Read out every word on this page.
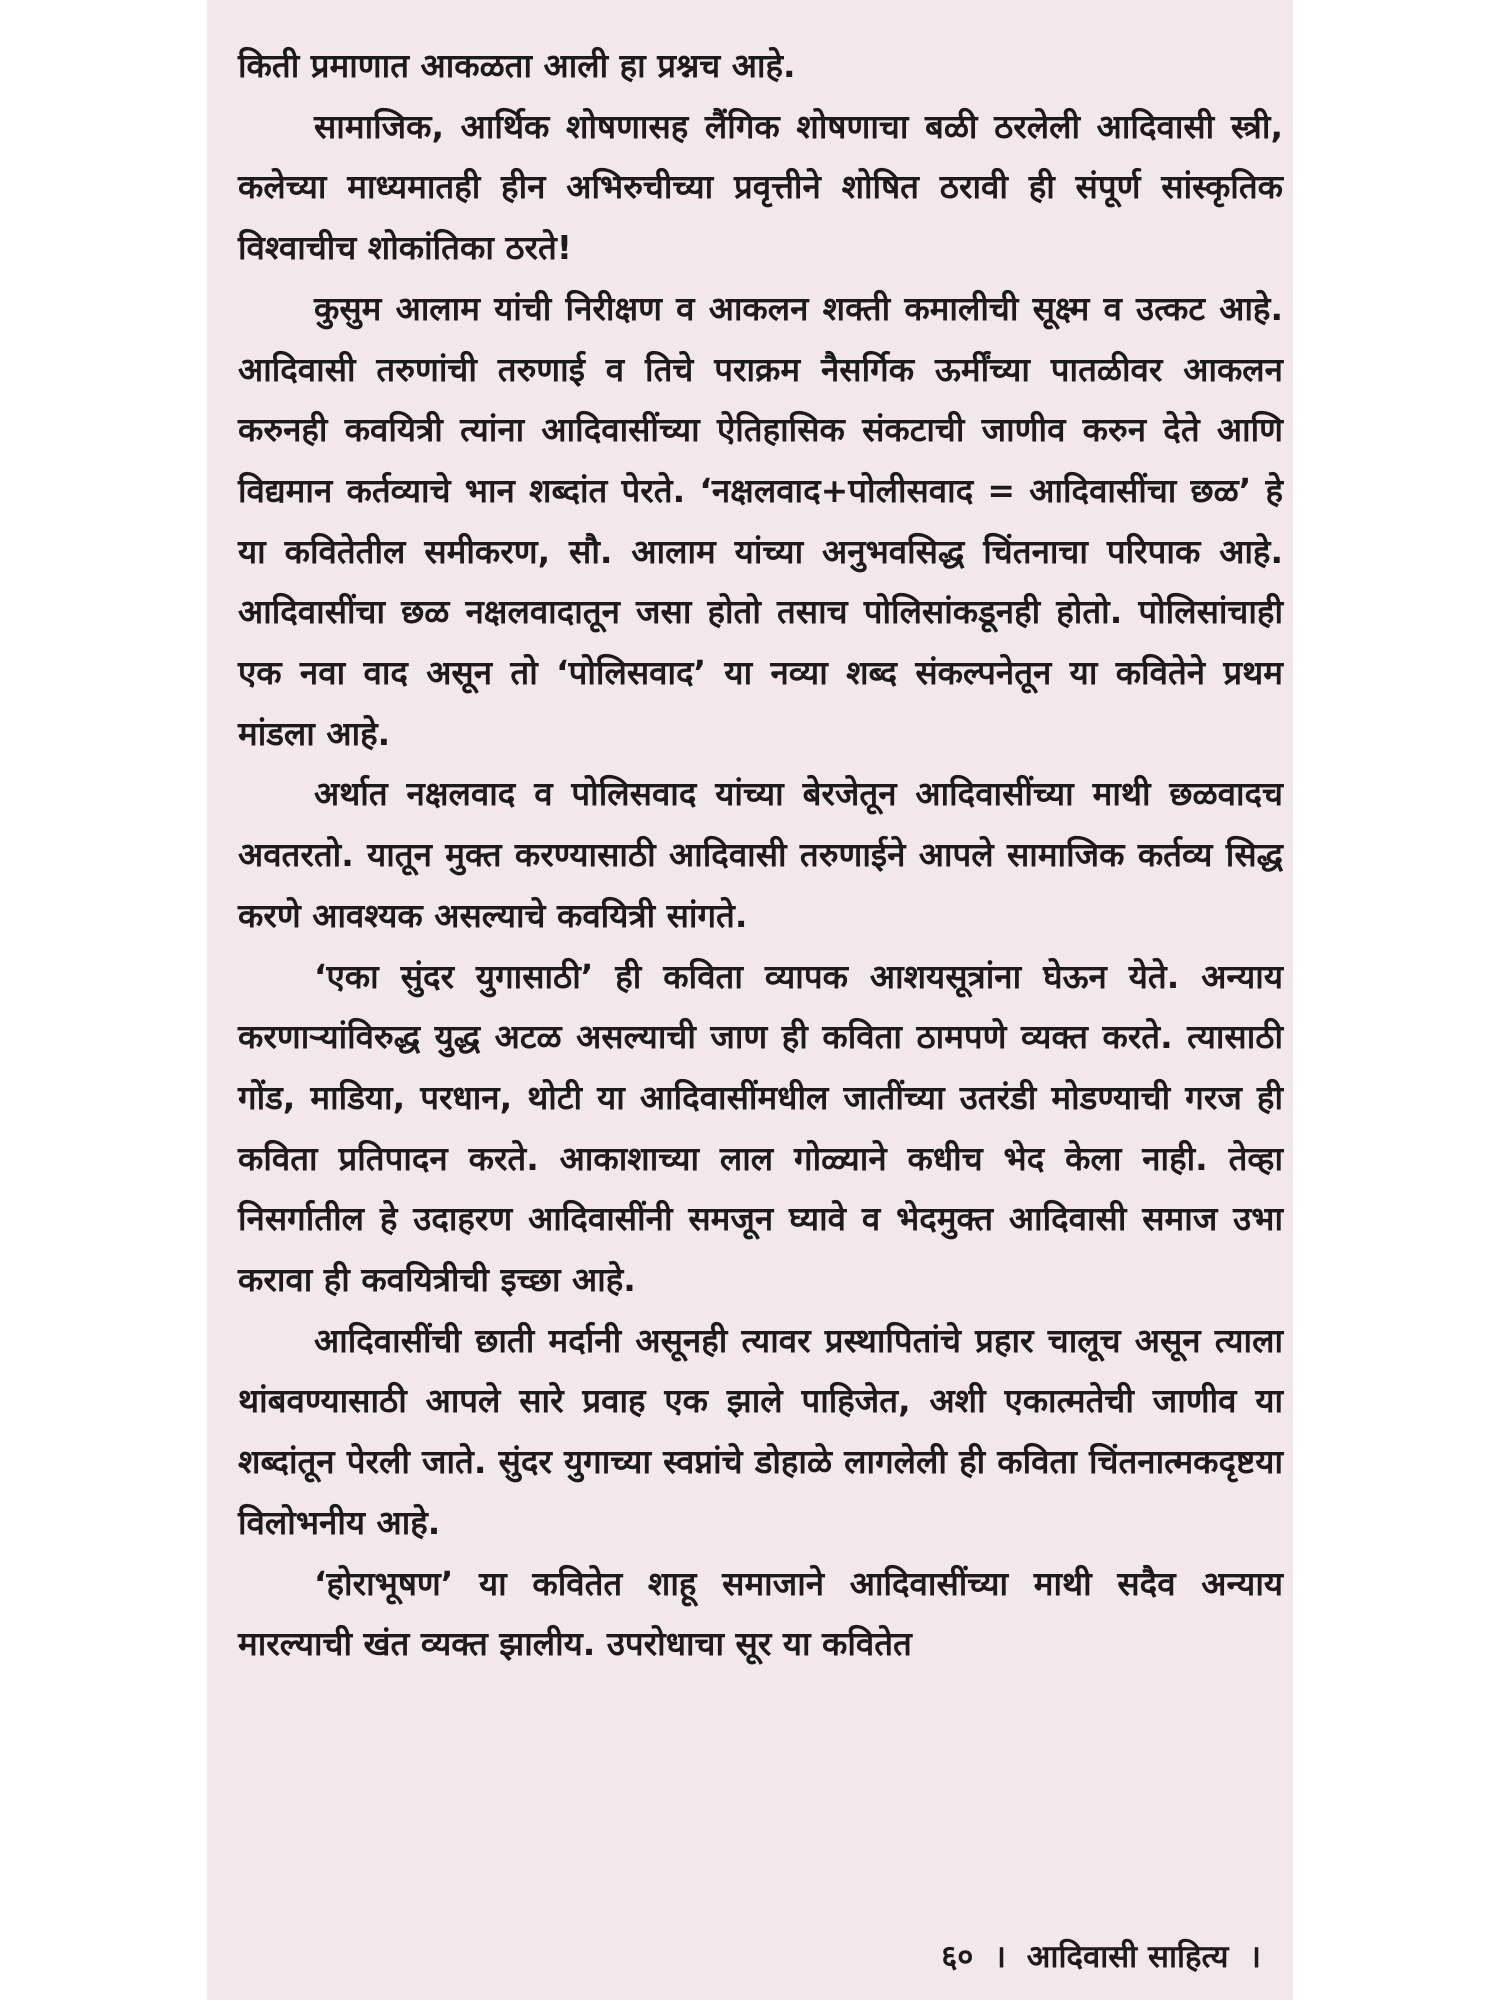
किती प्रमाणात आकळता आली हा प्रश्नच आहे.

सामाजिक, आर्थिक शोषणासह लैंगिक शोषणाचा बळी ठरलेली आदिवासी स्त्री, कलेच्या माध्यमातही हीन अभिरुचीच्या प्रवृत्तीने शोषित ठरावी ही संपूर्ण सांस्कृतिक विश्वाचीच शोकांतिका ठरते!

कुसुम आलाम यांची निरीक्षण व आकलन शक्ती कमालीची सूक्ष्म व उत्कट आहे. आदिवासी तरुणांची तरुणाई व तिचे पराक्रम नैसर्गिक ऊर्मींच्या पातळीवर आकलन करुनही कवयित्री त्यांना आदिवासींच्या ऐतिहासिक संकटाची जाणीव करुन देते आणि विद्यमान कर्तव्याचे भान शब्दांत पेरते. ‘नक्षलवाद+पोलीसवाद = आदिवासींचा छळ’ हे या कवितेतील समीकरण, सौ. आलाम यांच्या अनुभवसिद्ध चिंतनाचा परिपाक आहे. आदिवासींचा छळ नक्षलवादातून जसा होतो तसाच पोलिसांकडूनही होतो. पोलिसांचाही एक नवा वाद असून तो ‘पोलिसवाद’ या नव्या शब्द संकल्पनेतून या कवितेने प्रथम मांडला आहे.

अर्थात नक्षलवाद व पोलिसवाद यांच्या बेरजेतून आदिवासींच्या माथी छळवादच अवतरतो. यातून मुक्त करण्यासाठी आदिवासी तरुणाईने आपले सामाजिक कर्तव्य सिद्ध करणे आवश्यक असल्याचे कवयित्री सांगते.

‘एका सुंदर युगासाठी’ ही कविता व्यापक आशयसूत्रांना घेऊन येते. अन्याय करणाऱ्यांविरुद्ध युद्ध अटळ असल्याची जाण ही कविता ठामपणे व्यक्त करते. त्यासाठी गोंड, माडिया, परधान, थोटी या आदिवासींमधील जातींच्या उतरंडी मोडण्याची गरज ही कविता प्रतिपादन करते. आकाशाच्या लाल गोळ्याने कधीच भेद केला नाही. तेव्हा निसर्गातील हे उदाहरण आदिवासींनी समजून घ्यावे व भेदमुक्त आदिवासी समाज उभा करावा ही कवयित्रीची इच्छा आहे.

आदिवासींची छाती मर्दानी असूनही त्यावर प्रस्थापितांचे प्रहार चालूच असून त्याला थांबवण्यासाठी आपले सारे प्रवाह एक झाले पाहिजेत, अशी एकात्मतेची जाणीव या शब्दांतून पेरली जाते. सुंदर युगाच्या स्वप्नांचे डोहाळे लागलेली ही कविता चिंतनात्मकदृष्टया विलोभनीय आहे.

‘होराभूषण’ या कवितेत शाहू समाजाने आदिवासींच्या माथी सदैव अन्याय मारल्याची खंत व्यक्त झालीय. उपरोधाचा सूर या कवितेत

६० । आदिवासी साहित्य ।
